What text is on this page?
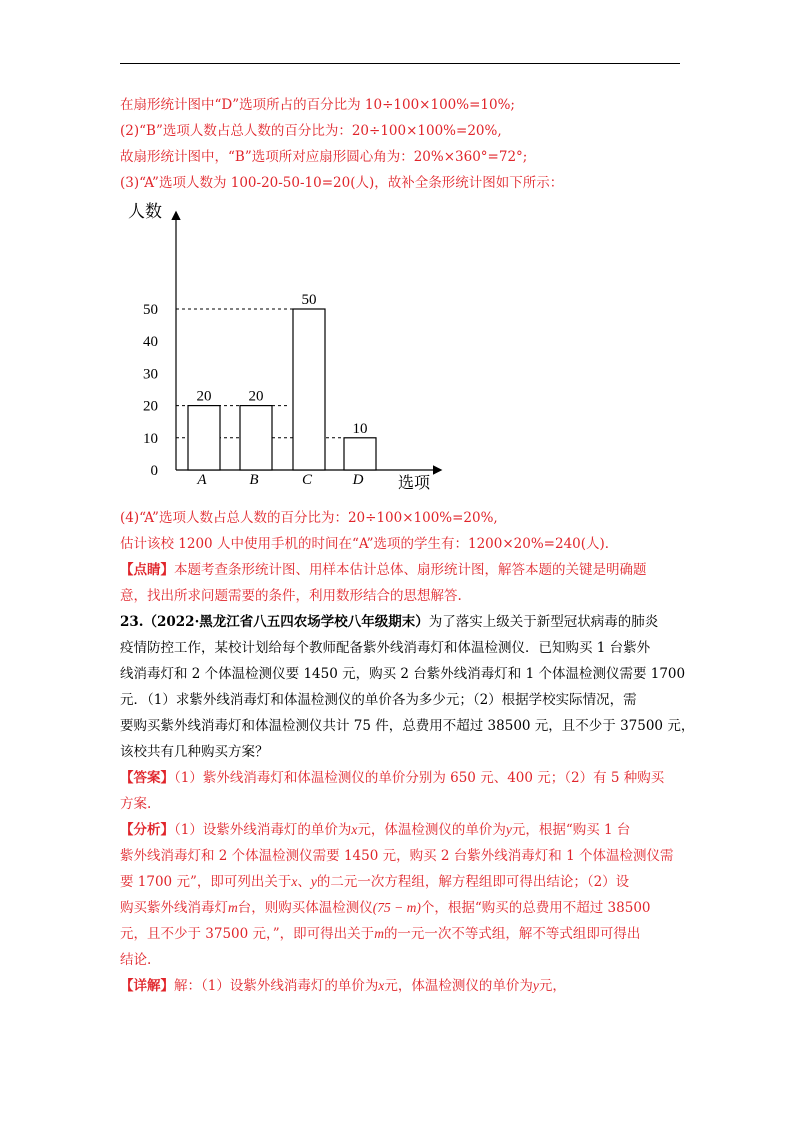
在扇形统计图中“D”选项所占的百分比为 10÷100×100%=10%;
(2)“B”选项人数占总人数的百分比为：20÷100×100%=20%,
故扇形统计图中，“B”选项所对应扇形圆心角为：20%×360°=72°;
(3)“A”选项人数为 100-20-50-10=20(人)，故补全条形统计图如下所示：
人数
选项
0
10
20
30
40
50
20
A
20
B
50
C
10
D
(4)“A”选项人数占总人数的百分比为：20÷100×100%=20%,
估计该校 1200 人中使用手机的时间在“A”选项的学生有：1200×20%=240(人)．
【点睛】本题考查条形统计图、用样本估计总体、扇形统计图，解答本题的关键是明确题
意，找出所求问题需要的条件，利用数形结合的思想解答.
23.（2022·黑龙江省八五四农场学校八年级期末）为了落实上级关于新型冠状病毒的肺炎
疫情防控工作，某校计划给每个教师配备紫外线消毒灯和体温检测仪．已知购买 1 台紫外
线消毒灯和 2 个体温检测仪要 1450 元，购买 2 台紫外线消毒灯和 1 个体温检测仪需要 1700
元．（1）求紫外线消毒灯和体温检测仪的单价各为多少元；（2）根据学校实际情况，需
要购买紫外线消毒灯和体温检测仪共计 75 件，总费用不超过 38500 元，且不少于 37500 元，
该校共有几种购买方案？
【答案】（1）紫外线消毒灯和体温检测仪的单价分别为 650 元、400 元；（2）有 5 种购买
方案.
【分析】（1）设紫外线消毒灯的单价为x元，体温检测仪的单价为y元，根据“购买 1 台
紫外线消毒灯和 2 个体温检测仪需要 1450 元，购买 2 台紫外线消毒灯和 1 个体温检测仪需
要 1700 元”，即可列出关于x、y的二元一次方程组，解方程组即可得出结论；（2）设
购买紫外线消毒灯m台，则购买体温检测仪(75 − m)个，根据“购买的总费用不超过 38500
元，且不少于 37500 元，”，即可得出关于m的一元一次不等式组，解不等式组即可得出
结论.
【详解】解：（1）设紫外线消毒灯的单价为x元，体温检测仪的单价为y元，
